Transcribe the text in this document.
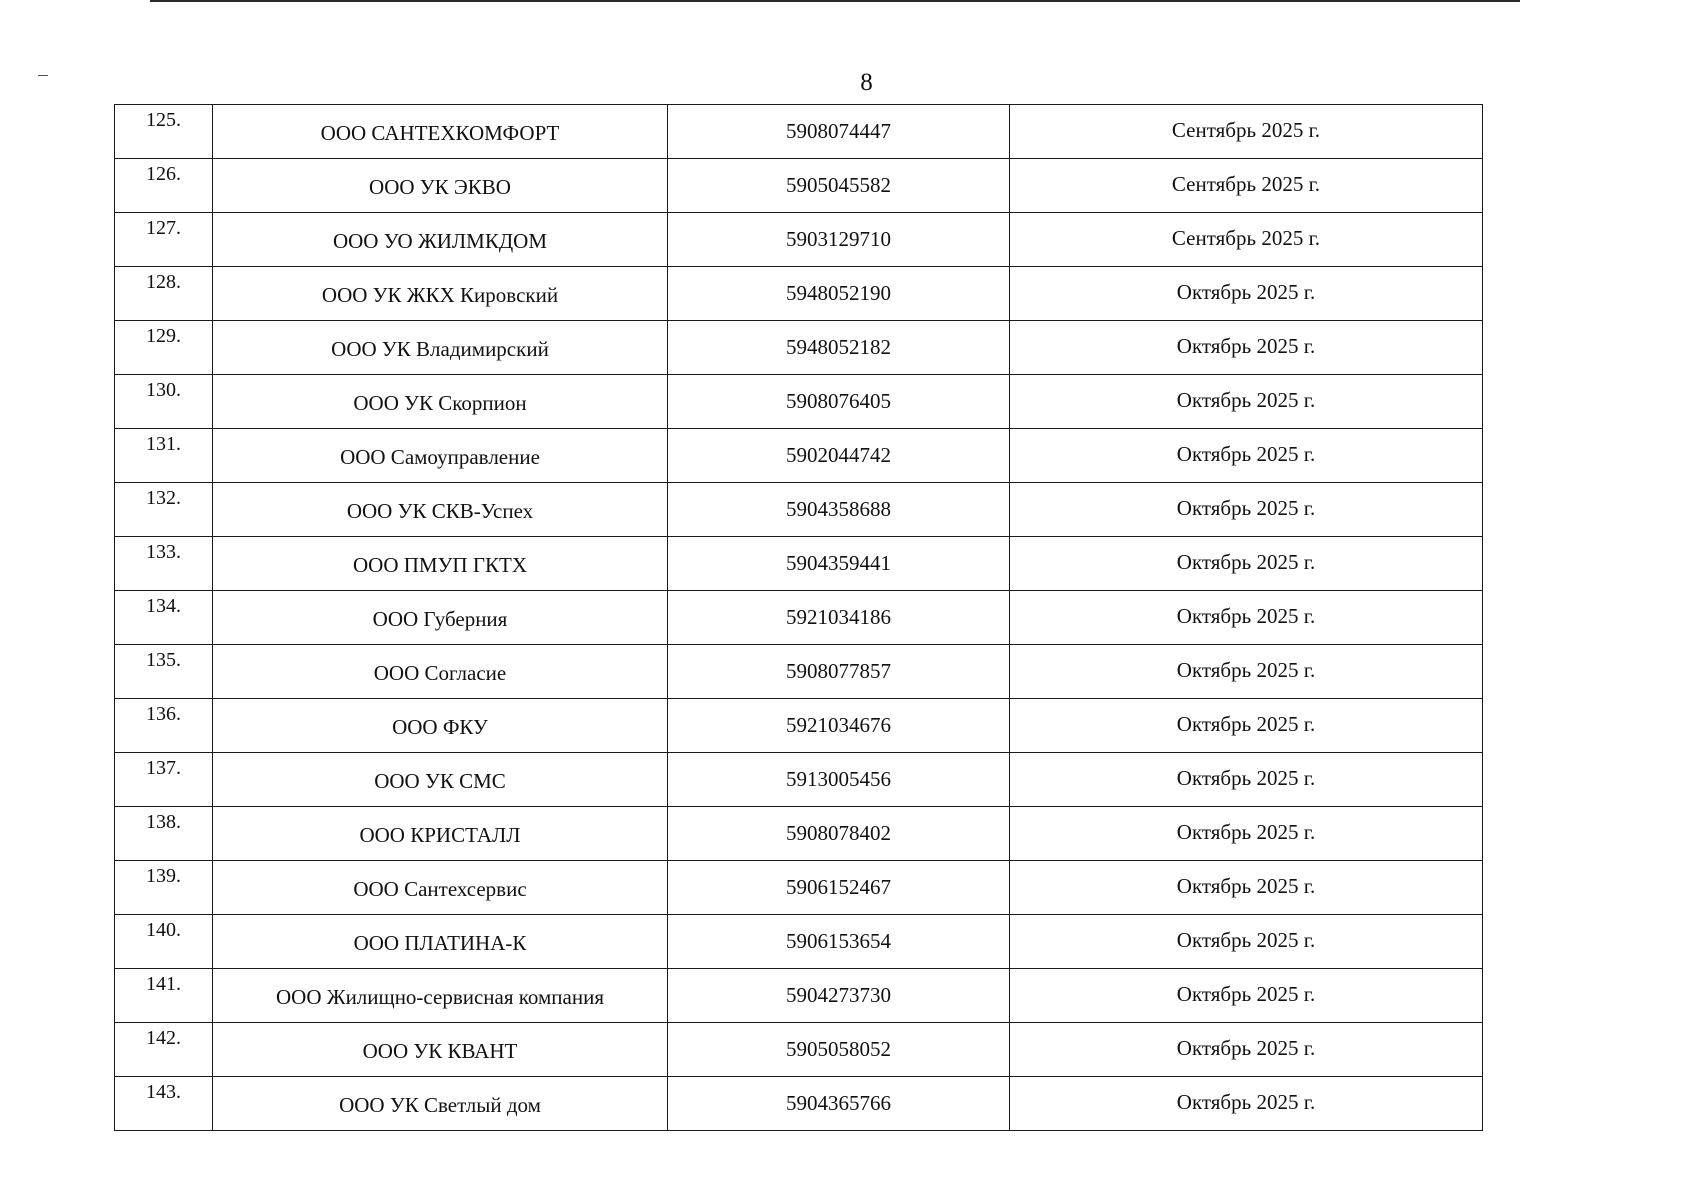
8
125.	ООО САНТЕХКОМФОРТ	5908074447	Сентябрь 2025 г.
126.	ООО УК ЭКВО	5905045582	Сентябрь 2025 г.
127.	ООО УО ЖИЛМКДОМ	5903129710	Сентябрь 2025 г.
128.	ООО УК ЖКХ Кировский	5948052190	Октябрь 2025 г.
129.	ООО УК Владимирский	5948052182	Октябрь 2025 г.
130.	ООО УК Скорпион	5908076405	Октябрь 2025 г.
131.	ООО Самоуправление	5902044742	Октябрь 2025 г.
132.	ООО УК СКВ-Успех	5904358688	Октябрь 2025 г.
133.	ООО ПМУП ГКТХ	5904359441	Октябрь 2025 г.
134.	ООО Губерния	5921034186	Октябрь 2025 г.
135.	ООО Согласие	5908077857	Октябрь 2025 г.
136.	ООО ФКУ	5921034676	Октябрь 2025 г.
137.	ООО УК СМС	5913005456	Октябрь 2025 г.
138.	ООО КРИСТАЛЛ	5908078402	Октябрь 2025 г.
139.	ООО Сантехсервис	5906152467	Октябрь 2025 г.
140.	ООО ПЛАТИНА-К	5906153654	Октябрь 2025 г.
141.	ООО Жилищно-сервисная компания	5904273730	Октябрь 2025 г.
142.	ООО УК КВАНТ	5905058052	Октябрь 2025 г.
143.	ООО УК Светлый дом	5904365766	Октябрь 2025 г.
